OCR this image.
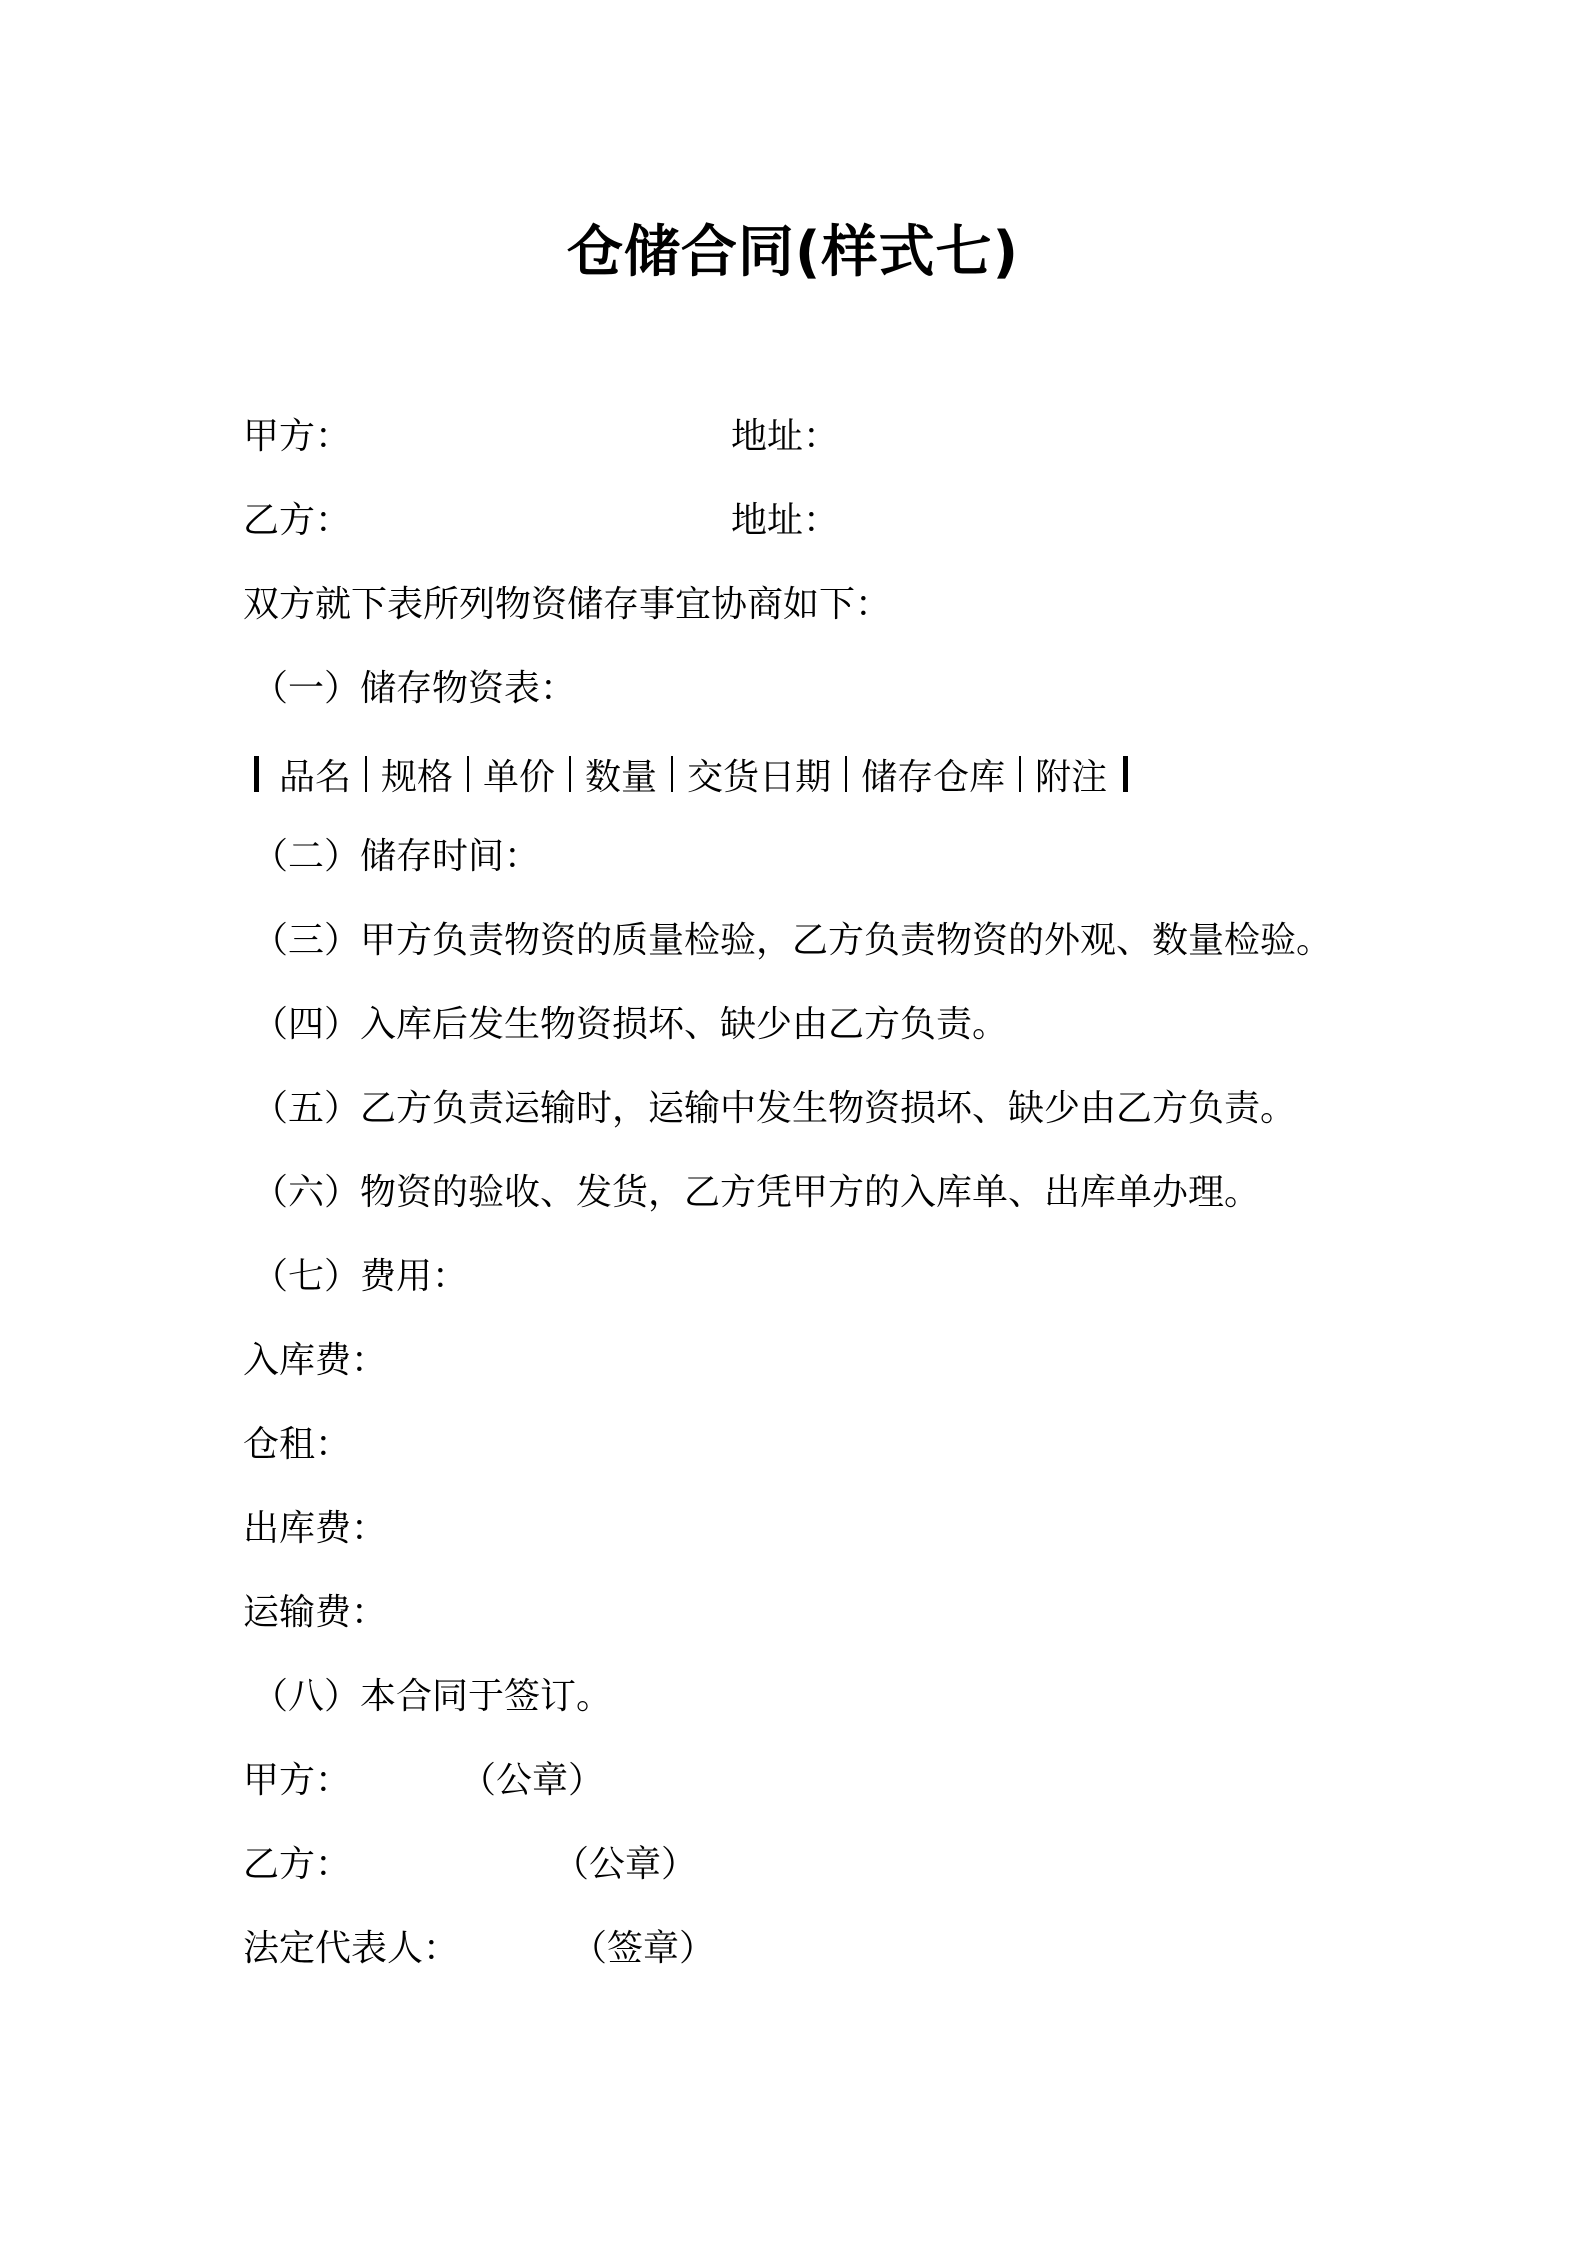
仓储合同(样式七)
甲方：	地址：
乙方：	地址：
双方就下表所列物资储存事宜协商如下：
（一）储存物资表：
品名 规格 单价 数量 交货日期 储存仓库 附注
（二）储存时间：
（三）甲方负责物资的质量检验，乙方负责物资的外观、数量检验。
（四）入库后发生物资损坏、缺少由乙方负责。
（五）乙方负责运输时，运输中发生物资损坏、缺少由乙方负责。
（六）物资的验收、发货，乙方凭甲方的入库单、出库单办理。
（七）费用：
入库费：
仓租：
出库费：
运输费：
（八）本合同于签订。
甲方：	（公章）
乙方：	（公章）
法定代表人：	（签章）
